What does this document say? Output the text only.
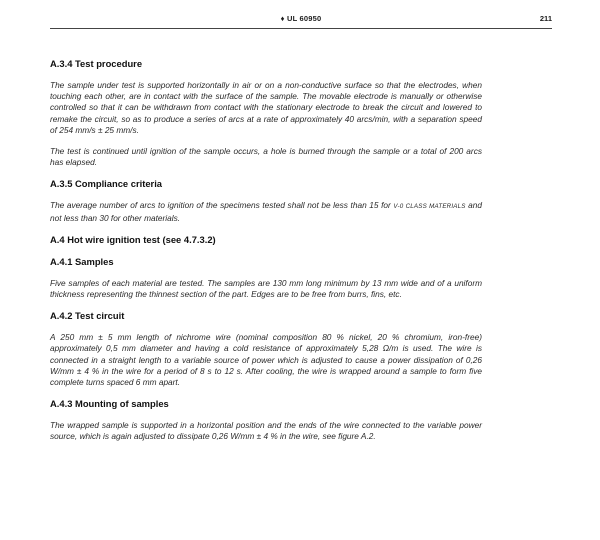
♦ UL 60950	211
A.3.4 Test procedure

The sample under test is supported horizontally in air or on a non-conductive surface so that the electrodes, when touching each other, are in contact with the surface of the sample. The movable electrode is manually or otherwise controlled so that it can be withdrawn from contact with the stationary electrode to break the circuit and lowered to remake the circuit, so as to produce a series of arcs at a rate of approximately 40 arcs/min, with a separation speed of 254 mm/s ± 25 mm/s.

The test is continued until ignition of the sample occurs, a hole is burned through the sample or a total of 200 arcs has elapsed.

A.3.5 Compliance criteria

The average number of arcs to ignition of the specimens tested shall not be less than 15 for V-0 CLASS MATERIALS and not less than 30 for other materials.

A.4 Hot wire ignition test (see 4.7.3.2)
A.4.1 Samples

Five samples of each material are tested. The samples are 130 mm long minimum by 13 mm wide and of a uniform thickness representing the thinnest section of the part. Edges are to be free from burrs, fins, etc.

A.4.2 Test circuit

A 250 mm ± 5 mm length of nichrome wire (nominal composition 80 % nickel, 20 % chromium, iron-free) approximately 0,5 mm diameter and having a cold resistance of approximately 5,28 Ω/m is used. The wire is connected in a straight length to a variable source of power which is adjusted to cause a power dissipation of 0,26 W/mm ± 4 % in the wire for a period of 8 s to 12 s. After cooling, the wire is wrapped around a sample to form five complete turns spaced 6 mm apart.

A.4.3 Mounting of samples

The wrapped sample is supported in a horizontal position and the ends of the wire connected to the variable power source, which is again adjusted to dissipate 0,26 W/mm ± 4 % in the wire, see figure A.2.
